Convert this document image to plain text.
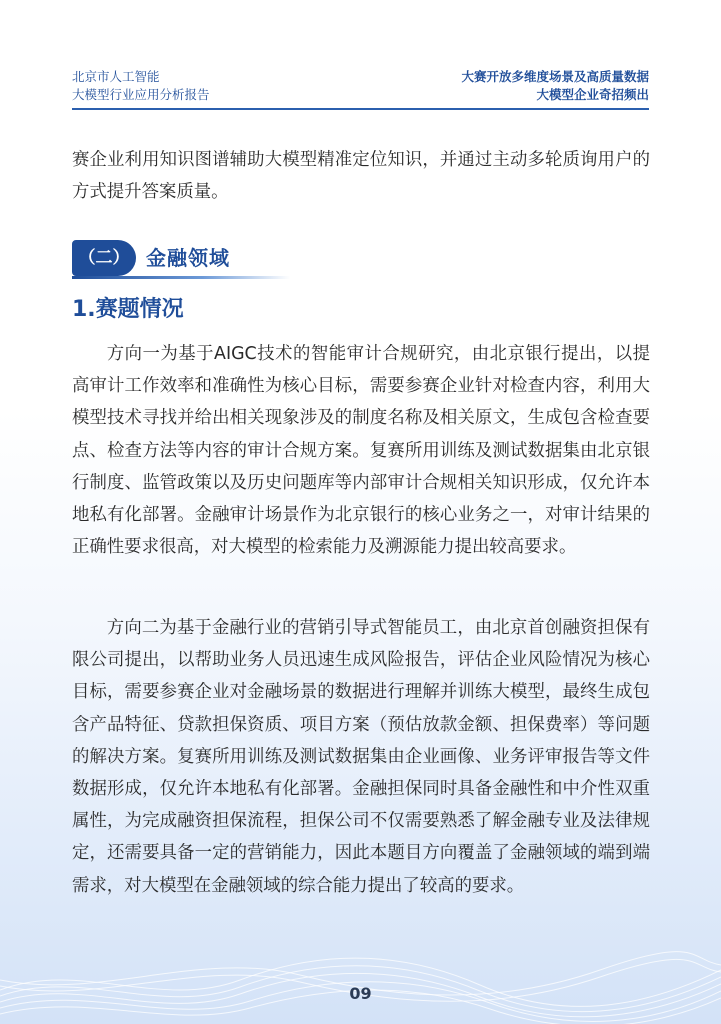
北京市人工智能
大模型行业应用分析报告
大赛开放多维度场景及高质量数据
大模型企业奇招频出

赛企业利用知识图谱辅助大模型精准定位知识，并通过主动多轮质询用户的方式提升答案质量。

（二） 金融领域
1.赛题情况

方向一为基于AIGC技术的智能审计合规研究，由北京银行提出，以提高审计工作效率和准确性为核心目标，需要参赛企业针对检查内容，利用大模型技术寻找并给出相关现象涉及的制度名称及相关原文，生成包含检查要点、检查方法等内容的审计合规方案。复赛所用训练及测试数据集由北京银行制度、监管政策以及历史问题库等内部审计合规相关知识形成，仅允许本地私有化部署。金融审计场景作为北京银行的核心业务之一，对审计结果的正确性要求很高，对大模型的检索能力及溯源能力提出较高要求。

方向二为基于金融行业的营销引导式智能员工，由北京首创融资担保有限公司提出，以帮助业务人员迅速生成风险报告，评估企业风险情况为核心目标，需要参赛企业对金融场景的数据进行理解并训练大模型，最终生成包含产品特征、贷款担保资质、项目方案（预估放款金额、担保费率）等问题的解决方案。复赛所用训练及测试数据集由企业画像、业务评审报告等文件数据形成，仅允许本地私有化部署。金融担保同时具备金融性和中介性双重属性，为完成融资担保流程，担保公司不仅需要熟悉了解金融专业及法律规定，还需要具备一定的营销能力，因此本题目方向覆盖了金融领域的端到端需求，对大模型在金融领域的综合能力提出了较高的要求。

09
